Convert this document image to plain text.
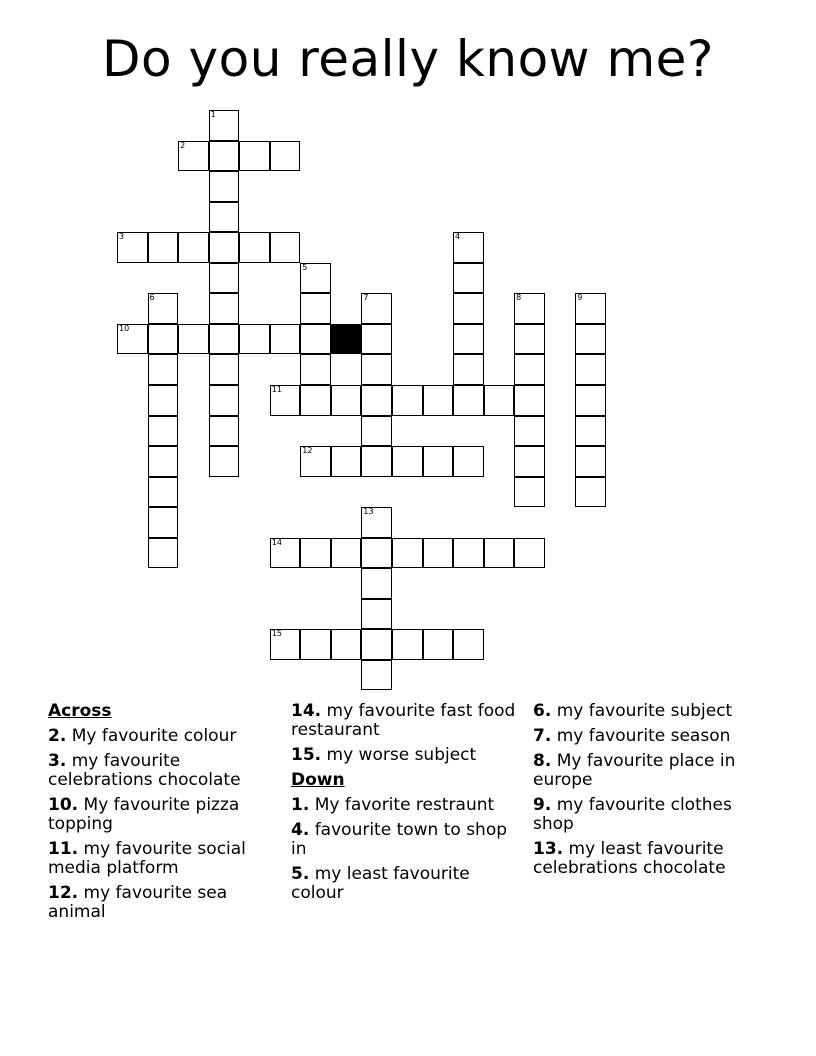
Do you really know me?
1
2
3	4
5
6	7	8	9
10
11
12
13
14
15
Across
2. My favourite colour
3. my favourite celebrations chocolate
10. My favourite pizza topping
11. my favourite social media platform
12. my favourite sea animal
14. my favourite fast food restaurant
15. my worse subject
Down
1. My favorite restraunt
4. favourite town to shop in
5. my least favourite colour
6. my favourite subject
7. my favourite season
8. My favourite place in europe
9. my favourite clothes shop
13. my least favourite celebrations chocolate
